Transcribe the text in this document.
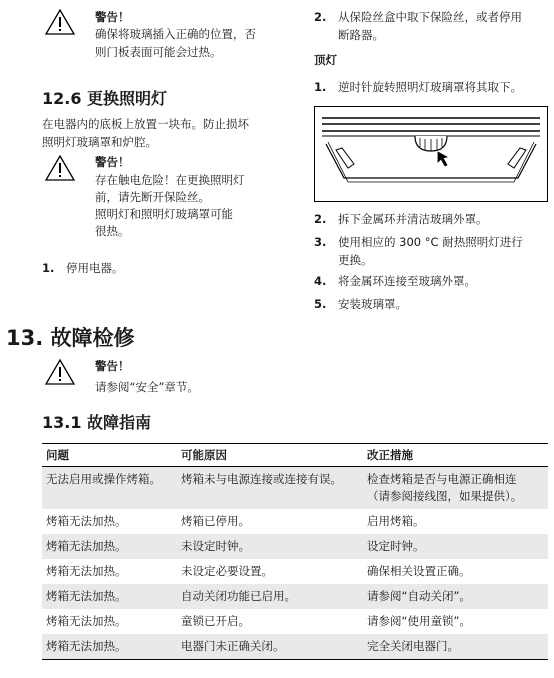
警告！
确保将玻璃插入正确的位置，否
则门板表面可能会过热。
12.6 更换照明灯
在电器内的底板上放置一块布。防止损坏
照明灯玻璃罩和炉腔。
警告！
存在触电危险！在更换照明灯
前，请先断开保险丝。
照明灯和照明灯玻璃罩可能
很热。
1.	停用电器。
2.	从保险丝盒中取下保险丝，或者停用
断路器。
顶灯
1.	逆时针旋转照明灯玻璃罩将其取下。
2.	拆下金属环并清洁玻璃外罩。
3.	使用相应的 300 °C 耐热照明灯进行
更换。
4.	将金属环连接至玻璃外罩。
5.	安装玻璃罩。
13. 故障检修
警告！
请参阅“安全”章节。
13.1 故障指南
问题	可能原因	改正措施
无法启用或操作烤箱。	烤箱未与电源连接或连接有误。	检查烤箱是否与电源正确相连
（请参阅接线图，如果提供）。
烤箱无法加热。	烤箱已停用。	启用烤箱。
烤箱无法加热。	未设定时钟。	设定时钟。
烤箱无法加热。	未设定必要设置。	确保相关设置正确。
烤箱无法加热。	自动关闭功能已启用。	请参阅“自动关闭”。
烤箱无法加热。	童锁已开启。	请参阅“使用童锁”。
烤箱无法加热。	电器门未正确关闭。	完全关闭电器门。
